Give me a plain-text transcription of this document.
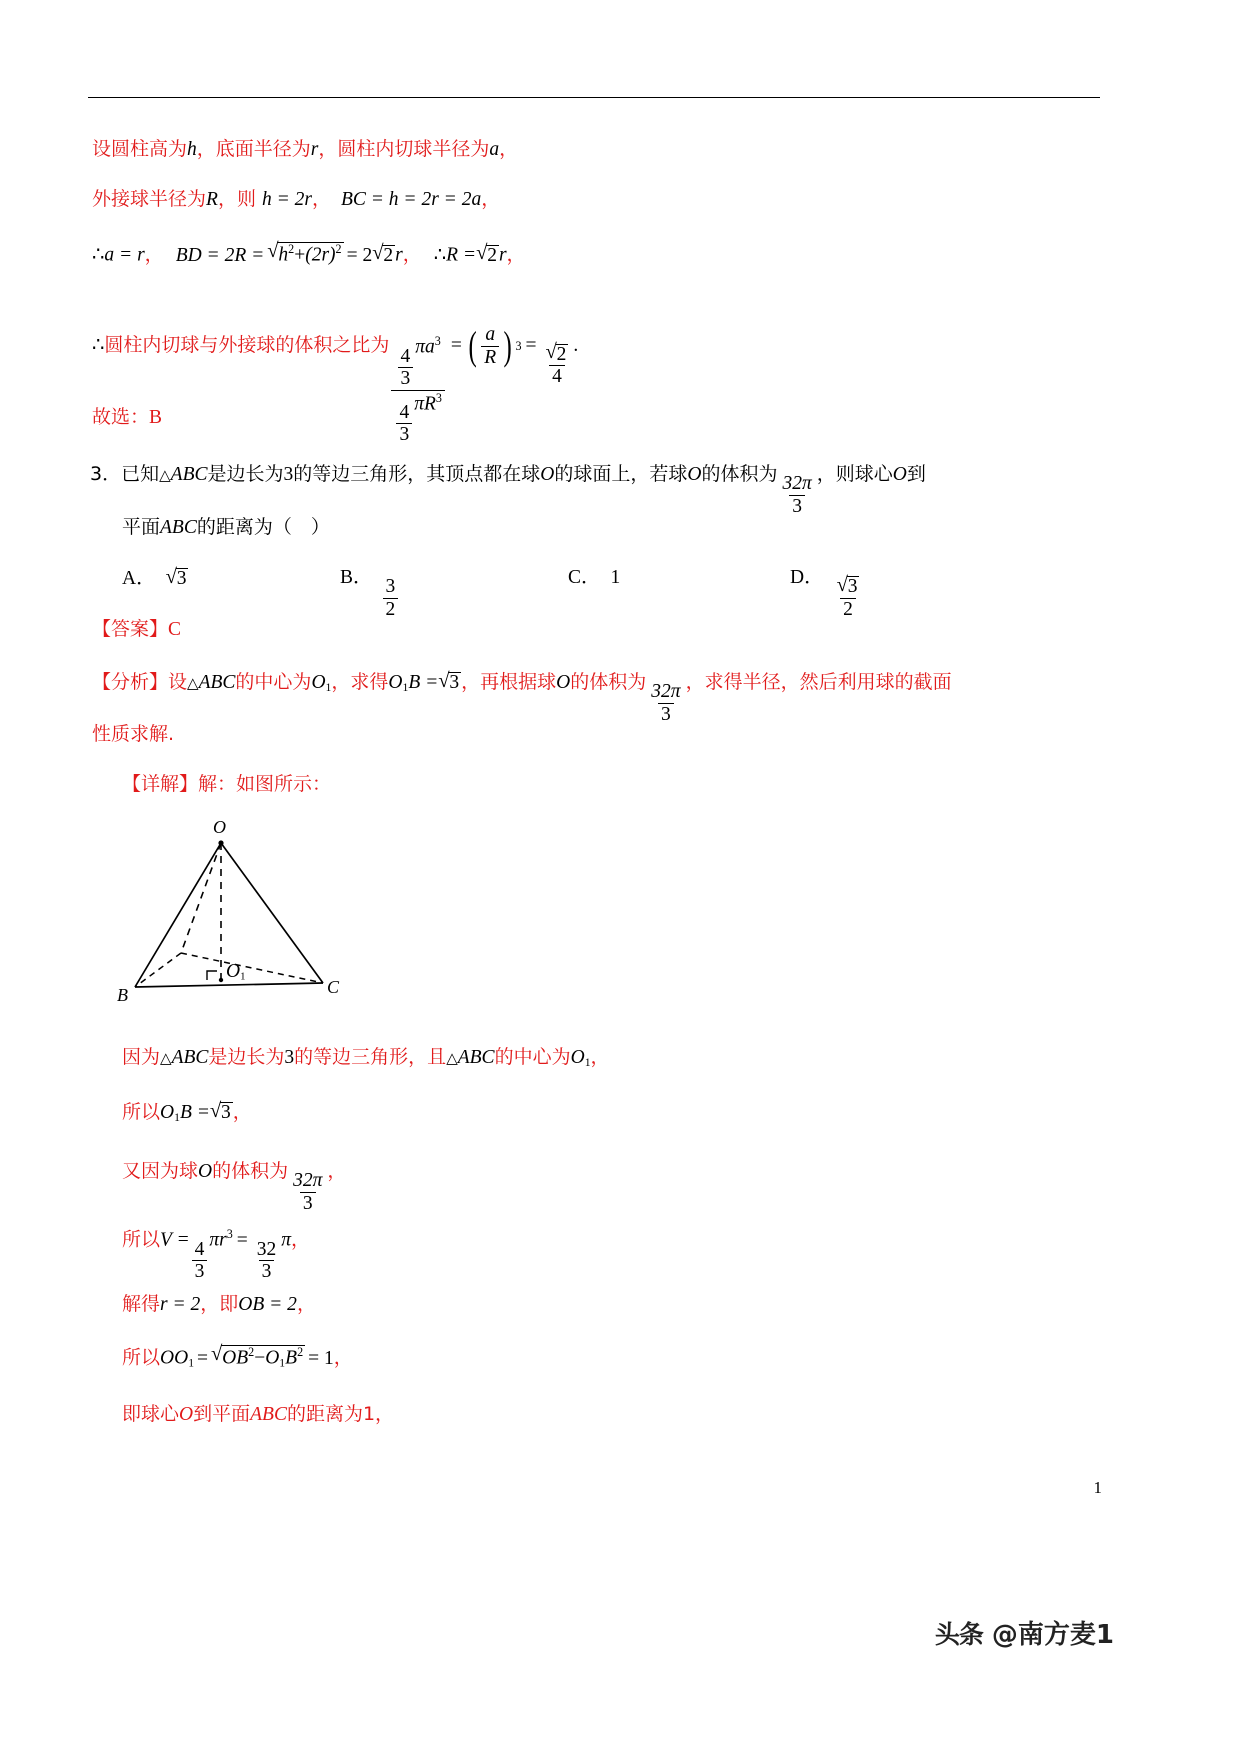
设圆柱高为h，底面半径为r，圆柱内切球半径为a，
外接球半径为R，则 h = 2r， BC = h = 2r = 2a，
∴a = r， BD = 2R = √ $h^2+(2r)^2 = 2$ √ 2 r， ∴R = √ 2 r，
∴圆柱内切球与外接球的体积之比为 $\frac{\frac{4}{3} \pi a^3}{\frac{4}{3} \pi R^3}$ = ( $\frac{a}{R}$ ) 3 = √ $\frac{2}{4}$ .
故选：B
3．已知△ABC是边长为3的等边三角形，其顶点都在球O的球面上，若球O的体积为
$\frac{32\pi}{3}$
，则球心O到
平面ABC的距离为（　）
A． √ 3	B． $\frac{3}{2}$	C． 1	D． √ $\frac{3}{2}$
【答案】C
【分析】设△ABC的中心为$O_1$，求得$O_1B$ = √ 3 ，再根据球O的体积为
$\frac{32\pi}{3}$
，求得半径，然后利用球的截面
性质求解.
【详解】解：如图所示：
O
B	C
$O_1$
因为△ABC是边长为3的等边三角形，且△ABC的中心为$O_1$，
所以$O_1B$ = √ 3 ，
又因为球O的体积为
$\frac{32\pi}{3}$
，
所以$V = \frac{4}{3} \pi r^3 = \frac{32}{3}$ π，
解得r = 2，即OB = 2，
所以$OO_1$ = √ $OB^2-O_1B^2 = 1$，
即球心O到平面ABC的距离为1，
1
头条 @南方麦1
